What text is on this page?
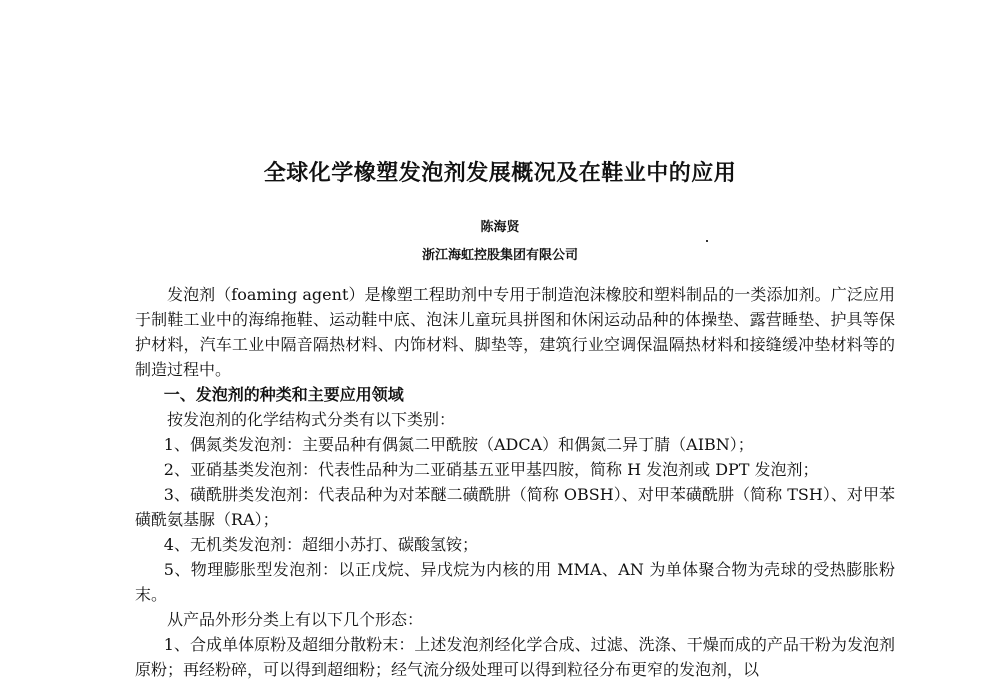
全球化学橡塑发泡剂发展概况及在鞋业中的应用
陈海贤
浙江海虹控股集团有限公司

发泡剂（foaming agent）是橡塑工程助剂中专用于制造泡沫橡胶和塑料制品的一类添加剂。广泛应用于制鞋工业中的海绵拖鞋、运动鞋中底、泡沫儿童玩具拼图和休闲运动品种的体操垫、露营睡垫、护具等保护材料，汽车工业中隔音隔热材料、内饰材料、脚垫等，建筑行业空调保温隔热材料和接缝缓冲垫材料等的制造过程中。

一、发泡剂的种类和主要应用领域

按发泡剂的化学结构式分类有以下类别：

1、偶氮类发泡剂：主要品种有偶氮二甲酰胺（ADCA）和偶氮二异丁腈（AIBN）；

2、亚硝基类发泡剂：代表性品种为二亚硝基五亚甲基四胺，简称 H 发泡剂或 DPT 发泡剂；

3、磺酰肼类发泡剂：代表品种为对苯醚二磺酰肼（简称 OBSH）、对甲苯磺酰肼（简称 TSH）、对甲苯磺酰氨基脲（RA）；

4、无机类发泡剂：超细小苏打、碳酸氢铵；

5、物理膨胀型发泡剂：以正戊烷、异戊烷为内核的用 MMA、AN 为单体聚合物为壳球的受热膨胀粉末。

从产品外形分类上有以下几个形态：

1、合成单体原粉及超细分散粉末：上述发泡剂经化学合成、过滤、洗涤、干燥而成的产品干粉为发泡剂原粉；再经粉碎，可以得到超细粉；经气流分级处理可以得到粒径分布更窄的发泡剂，以
